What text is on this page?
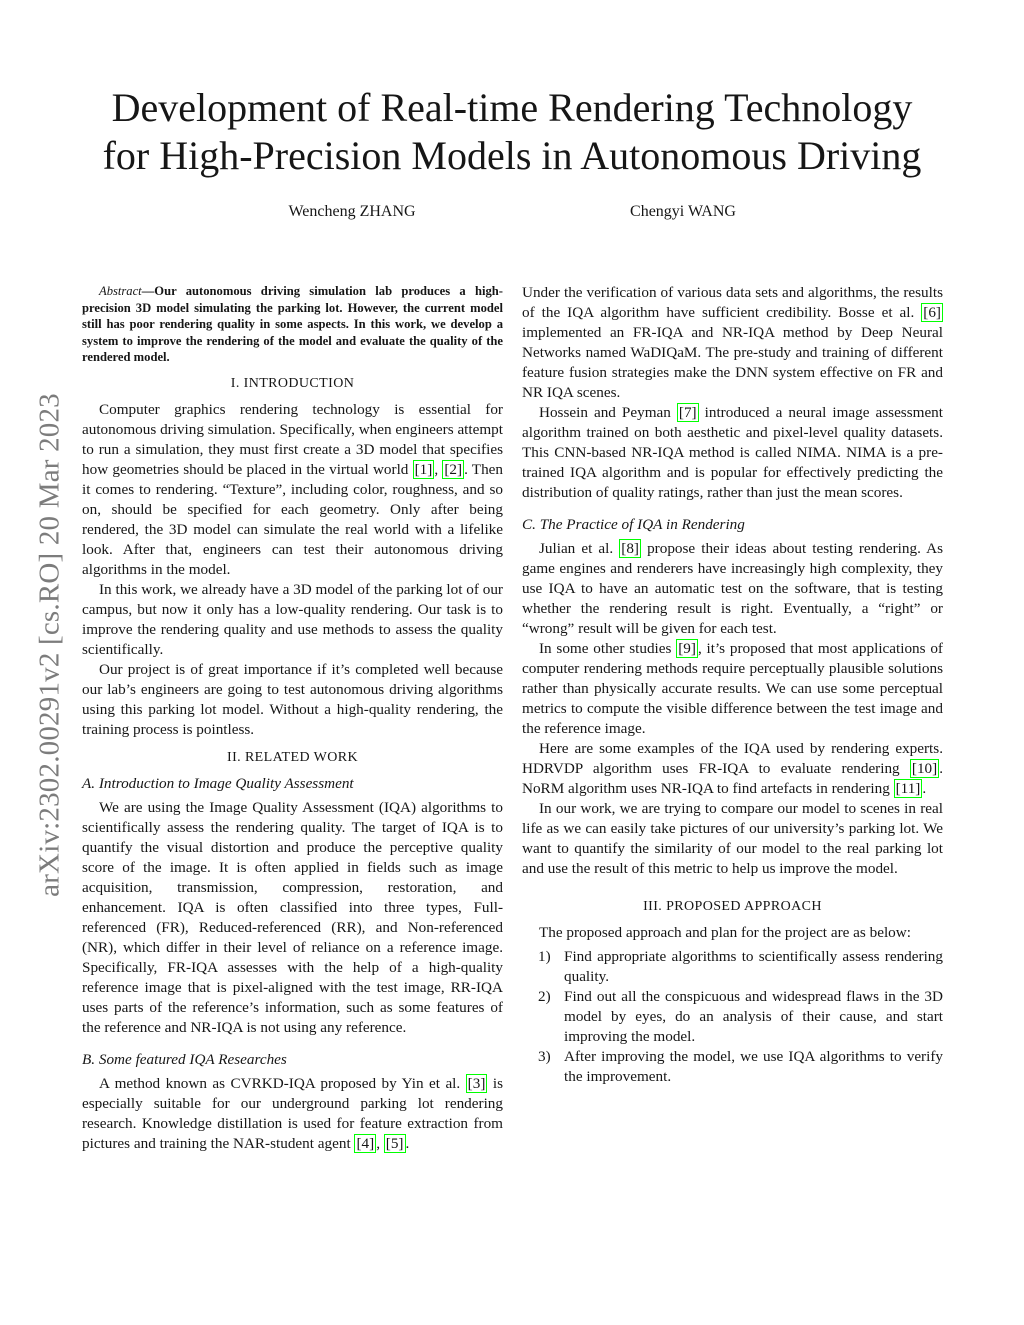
arXiv:2302.00291v2 [cs.RO] 20 Mar 2023
Development of Real-time Rendering Technology
for High-Precision Models in Autonomous Driving
Wencheng ZHANG	Chengyi WANG

Abstract—Our autonomous driving simulation lab produces a high-precision 3D model simulating the parking lot. However, the current model still has poor rendering quality in some aspects. In this work, we develop a system to improve the rendering of the model and evaluate the quality of the rendered model.

I. INTRODUCTION

Computer graphics rendering technology is essential for autonomous driving simulation. Specifically, when engineers attempt to run a simulation, they must first create a 3D model that specifies how geometries should be placed in the virtual world [1] , [2] . Then it comes to rendering. “Texture”, including color, roughness, and so on, should be specified for each geometry. Only after being rendered, the 3D model can simulate the real world with a lifelike look. After that, engineers can test their autonomous driving algorithms in the model.

In this work, we already have a 3D model of the parking lot of our campus, but now it only has a low-quality rendering. Our task is to improve the rendering quality and use methods to assess the quality scientifically.

Our project is of great importance if it’s completed well because our lab’s engineers are going to test autonomous driving algorithms using this parking lot model. Without a high-quality rendering, the training process is pointless.

II. RELATED WORK
A. Introduction to Image Quality Assessment

We are using the Image Quality Assessment (IQA) algorithms to scientifically assess the rendering quality. The target of IQA is to quantify the visual distortion and produce the perceptive quality score of the image. It is often applied in fields such as image acquisition, transmission, compression, restoration, and enhancement. IQA is often classified into three types, Full-referenced (FR), Reduced-referenced (RR), and Non-referenced (NR), which differ in their level of reliance on a reference image. Specifically, FR-IQA assesses with the help of a high-quality reference image that is pixel-aligned with the test image, RR-IQA uses parts of the reference’s information, such as some features of the reference and NR-IQA is not using any reference.

B. Some featured IQA Researches

A method known as CVRKD-IQA proposed by Yin et al. [3] is especially suitable for our underground parking lot rendering research. Knowledge distillation is used for feature extraction from pictures and training the NAR-student agent [4] , [5] .

Under the verification of various data sets and algorithms, the results of the IQA algorithm have sufficient credibility. Bosse et al. [6] implemented an FR-IQA and NR-IQA method by Deep Neural Networks named WaDIQaM. The pre-study and training of different feature fusion strategies make the DNN system effective on FR and NR IQA scenes.

Hossein and Peyman [7] introduced a neural image assessment algorithm trained on both aesthetic and pixel-level quality datasets. This CNN-based NR-IQA method is called NIMA. NIMA is a pre-trained IQA algorithm and is popular for effectively predicting the distribution of quality ratings, rather than just the mean scores.

C. The Practice of IQA in Rendering

Julian et al. [8] propose their ideas about testing rendering. As game engines and renderers have increasingly high complexity, they use IQA to have an automatic test on the software, that is testing whether the rendering result is right. Eventually, a “right” or “wrong” result will be given for each test.

In some other studies [9] , it’s proposed that most applications of computer rendering methods require perceptually plausible solutions rather than physically accurate results. We can use some perceptual metrics to compute the visible difference between the test image and the reference image.

Here are some examples of the IQA used by rendering experts. HDRVDP algorithm uses FR-IQA to evaluate rendering [10] . NoRM algorithm uses NR-IQA to find artefacts in rendering [11] .

In our work, we are trying to compare our model to scenes in real life as we can easily take pictures of our university’s parking lot. We want to quantify the similarity of our model to the real parking lot and use the result of this metric to help us improve the model.

III. PROPOSED APPROACH

The proposed approach and plan for the project are as below:

1) Find appropriate algorithms to scientifically assess rendering quality.
2) Find out all the conspicuous and widespread flaws in the 3D model by eyes, do an analysis of their cause, and start improving the model.
3) After improving the model, we use IQA algorithms to verify the improvement.
